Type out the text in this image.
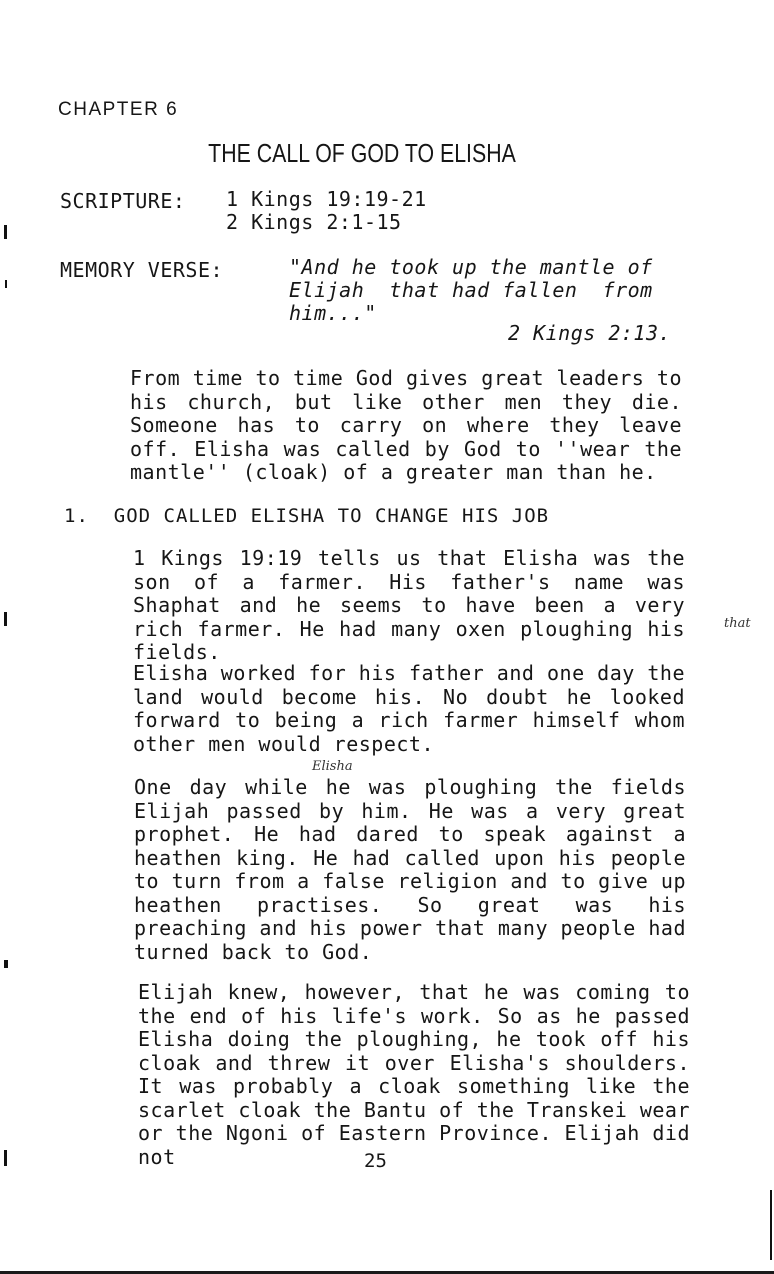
CHAPTER 6
THE CALL OF GOD TO ELISHA
SCRIPTURE: 1 Kings 19:19-21
2 Kings 2:1-15
MEMORY VERSE:	"And he took up the mantle of
Elijah  that had fallen  from
him..."
2 Kings 2:13.

From time to time God gives great leaders to his church, but like other men they die. Someone has to carry on where they leave off. Elisha was called by God to ''wear the mantle'' (cloak) of a greater man than he.

1.  GOD CALLED ELISHA TO CHANGE HIS JOB

1 Kings 19:19 tells us that Elisha was the son of a farmer. His father's name was Shaphat and he seems to have been a very rich farmer. He had many oxen ploughing his fields.

Elisha worked for his father and one day the land would become his. No doubt he looked forward to being a rich farmer himself whom other men would respect.

Elisha

One day while he was ploughing the fields Elijah passed by him. He was a very great prophet. He had dared to speak against a heathen king. He had called upon his people to turn from a false religion and to give up heathen practises. So great was his preaching and his power that many people had turned back to God.

that

Elijah knew, however, that he was coming to the end of his life's work. So as he passed Elisha doing the ploughing, he took off his cloak and threw it over Elisha's shoulders. It was probably a cloak something like the scarlet cloak the Bantu of the Transkei wear or the Ngoni of Eastern Province. Elijah did not	25
